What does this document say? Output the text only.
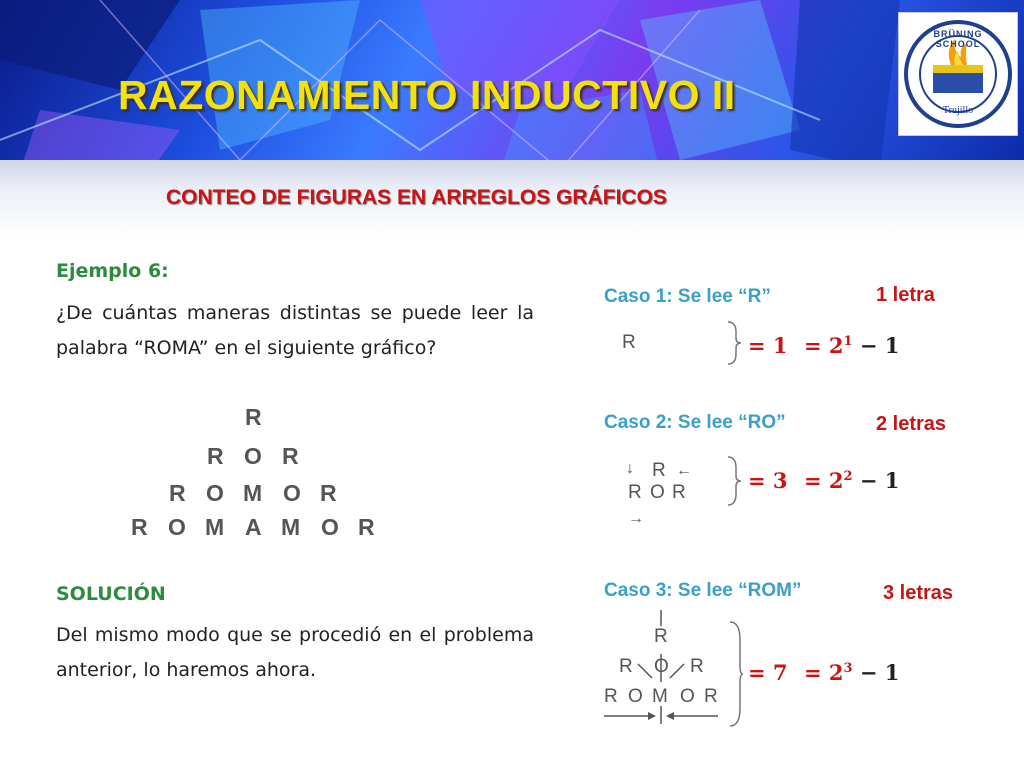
RAZONAMIENTO INDUCTIVO II
BRÜNING SCHOOL
Trujillo
CONTEO DE FIGURAS EN ARREGLOS GRÁFICOS
Ejemplo 6:
¿De cuántas maneras distintas se puede leer la palabra “ROMA” en el siguiente gráfico?
R
R O R
R O M O R
R O M A M O R
SOLUCIÓN
Del mismo modo que se procedió en el problema anterior, lo haremos ahora.
Caso 1: Se lee “R”	1 letra
R	= $1 = 2^1 - 1$
Caso 2: Se lee “RO”	2 letras
↓ R ←
R O R
→
= $3 = 2^2 - 1$
Caso 3: Se lee “ROM”	3 letras
R
R O R
R O M O R
= $7 = 2^3 - 1$
